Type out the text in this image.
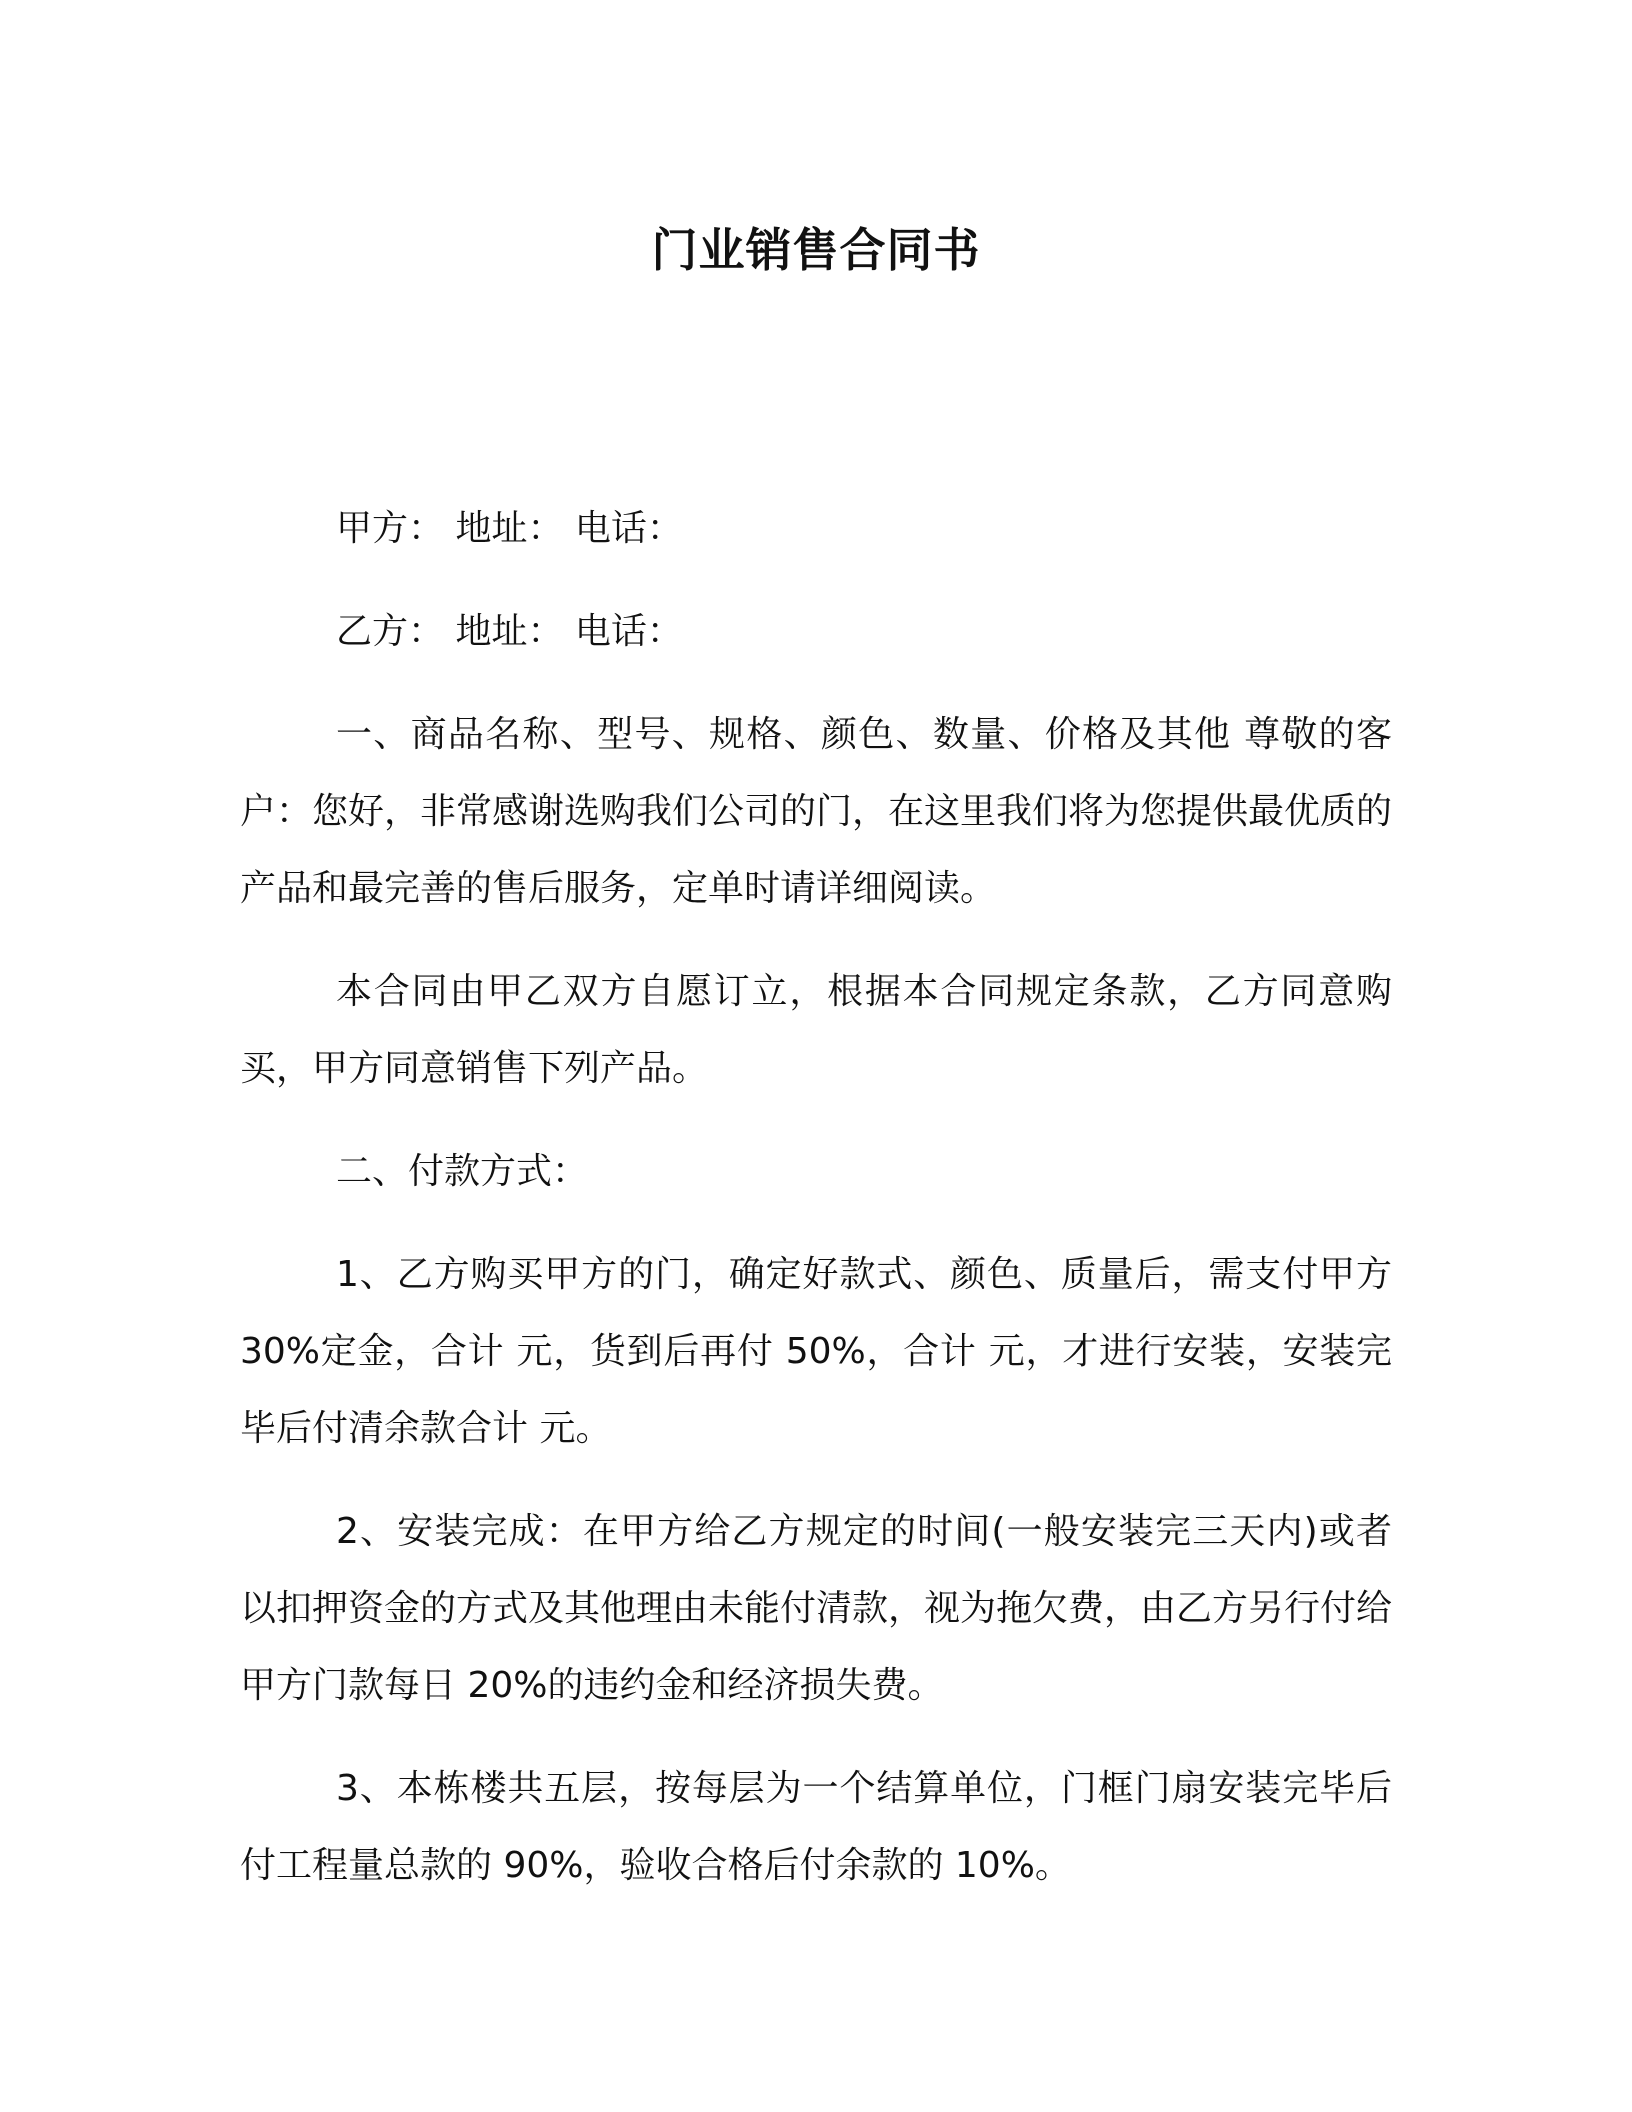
门业销售合同书

甲方： 地址： 电话：

乙方： 地址： 电话：

一、商品名称、型号、规格、颜色、数量、价格及其他 尊敬的客户：您好，非常感谢选购我们公司的门，在这里我们将为您提供最优质的产品和最完善的售后服务，定单时请详细阅读。

本合同由甲乙双方自愿订立，根据本合同规定条款，乙方同意购买，甲方同意销售下列产品。

二、付款方式：

1、乙方购买甲方的门，确定好款式、颜色、质量后，需支付甲方 30%定金，合计 元，货到后再付 50%，合计 元，才进行安装，安装完毕后付清余款合计 元。

2、安装完成：在甲方给乙方规定的时间(一般安装完三天内)或者以扣押资金的方式及其他理由未能付清款，视为拖欠费，由乙方另行付给甲方门款每日 20%的违约金和经济损失费。

3、本栋楼共五层，按每层为一个结算单位，门框门扇安装完毕后付工程量总款的 90%，验收合格后付余款的 10%。
